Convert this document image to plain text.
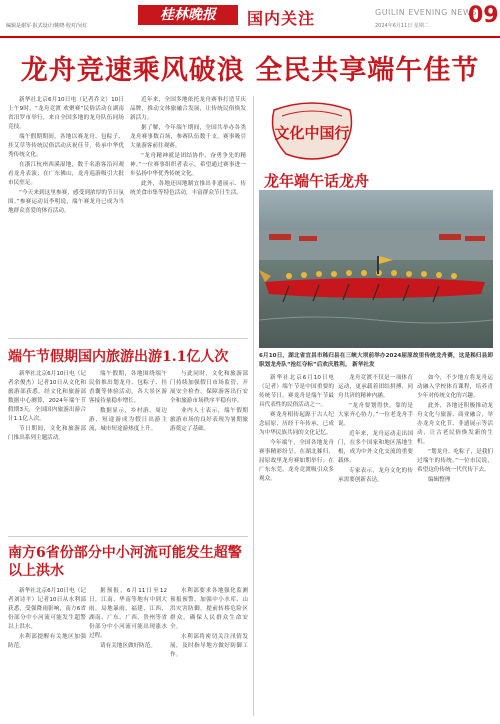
编辑是谢军·报式设计/姚晓·校对/吴红
桂林晚报	国内关注	GUILIN EVENING NEWS
2024年6月11日 星期二 09
龙舟竞速乘风破浪 全民共享端午佳节

新华社北京6月10日电（记者乔文）10日上午9时，“龙舟竞渡 欢聚赛”民俗活动在湖南省汨罗市举行，来自全国多地的龙舟队伍同场竞技。

端午假期期间，各地以赛龙舟、包粽子、挂艾草等传统民俗活动庆祝佳节，传承中华优秀传统文化。

在浙江杭州西溪湿地，数千名游客沿河观看龙舟表演；在广东佛山，龙舟巡游吸引大批市民驻足。

“今天来到这里参赛，感受到浓厚的节日氛围。”参赛运动员李明说，端午赛龙舟已成为当地群众喜爱的体育活动。

近年来，全国多地依托龙舟赛事打造节庆品牌，推动文体旅融合发展，让传统民俗焕发新活力。

据了解，今年端午期间，全国共举办各类龙舟赛事数百场，参赛队伍数千支，赛事吸引大量游客前往观赛。

“龙舟精神就是团结协作、奋勇争先的精神。”一位赛事组织者表示，希望通过赛事进一步弘扬中华优秀传统文化。

此外，各地还因地制宜推出非遗展示、传统美食市集等特色活动，丰富群众节日生活。

端午节假期国内旅游出游1.1亿人次

新华社北京6月10日电（记者余俊杰）记者10日从文化和旅游部获悉，经文化和旅游部数据中心测算，2024年端午节假期3天，全国国内旅游出游合计1.1亿人次。

节日期间，文化和旅游部门推出系列主题活动。

端午假期，各地围绕端午民俗推出划龙舟、包粽子、挂香囊等体验活动。各大景区游客接待量稳步增长。

数据显示，乡村游、周边游、短途游成为假日出游主流，城市短途游热度上升。

与此同时，文化和旅游部门持续加强假日市场监管，开展安全检查，保障游客出行安全和旅游市场秩序平稳有序。

业内人士表示，端午假期旅游市场的良好表现为暑期旅游奠定了基础。

南方6省份部分中小河流可能发生超警以上洪水

新华社北京6月10日电（记者刘诗平）记者10日从水利部获悉，受强降雨影响，南方6省份部分中小河流可能发生超警以上洪水。

水利部提醒有关地区加强防范。

据预报，6月11日至12日，江南、华南等地有中到大雨，局地暴雨，福建、江西、湖南、广东、广西、贵州等省份部分中小河流可能出现涨水过程。

请有关地区做好防范。

水利部要求各地强化监测预报预警，加强中小水库、山洪灾害防御，提前转移危险区群众，确保人民群众生命安全。

水利部将密切关注汛情发展，及时指导地方做好防御工作。

文化中国行
龙年端午话龙舟
6月10日，湖北省宜昌市秭归县在三峡大坝前举办2024屈原故里传统龙舟赛，这是秭归县卸职划龙舟队“抢红夺标”后欢庆胜利。 新华社发

新华社北京6月10日电（记者）端午节是中国重要的传统节日，赛龙舟是端午节最具代表性的民俗活动之一。

赛龙舟相传起源于古人纪念屈原，历经千年传承，已成为中华民族共同的文化记忆。

今年端午，全国各地龙舟赛事精彩纷呈。在湖北秭归，屈原故里龙舟赛如期举行；在广东东莞，龙舟竞渡吸引众多观众。

龙舟竞渡不仅是一项体育运动，更承载着团结拼搏、同舟共济的精神内涵。

“龙舟要划得快，靠的是大家齐心协力。”一位老龙舟手说。

近年来，龙舟运动走出国门，在多个国家和地区落地生根，成为中外文化交流的重要载体。

专家表示，龙舟文化的传承需要创新表达。

如今，不少地方将龙舟运动融入学校体育课程，培养青少年对传统文化的兴趣。

此外，各地还积极推动龙舟文化与旅游、商业融合，举办龙舟文化节、非遗展示等活动，让古老民俗焕发新的生机。

“划龙舟、吃粽子，是我们过端午的传统。”一位市民说，希望这份传统一代代传下去。

编辑整理
